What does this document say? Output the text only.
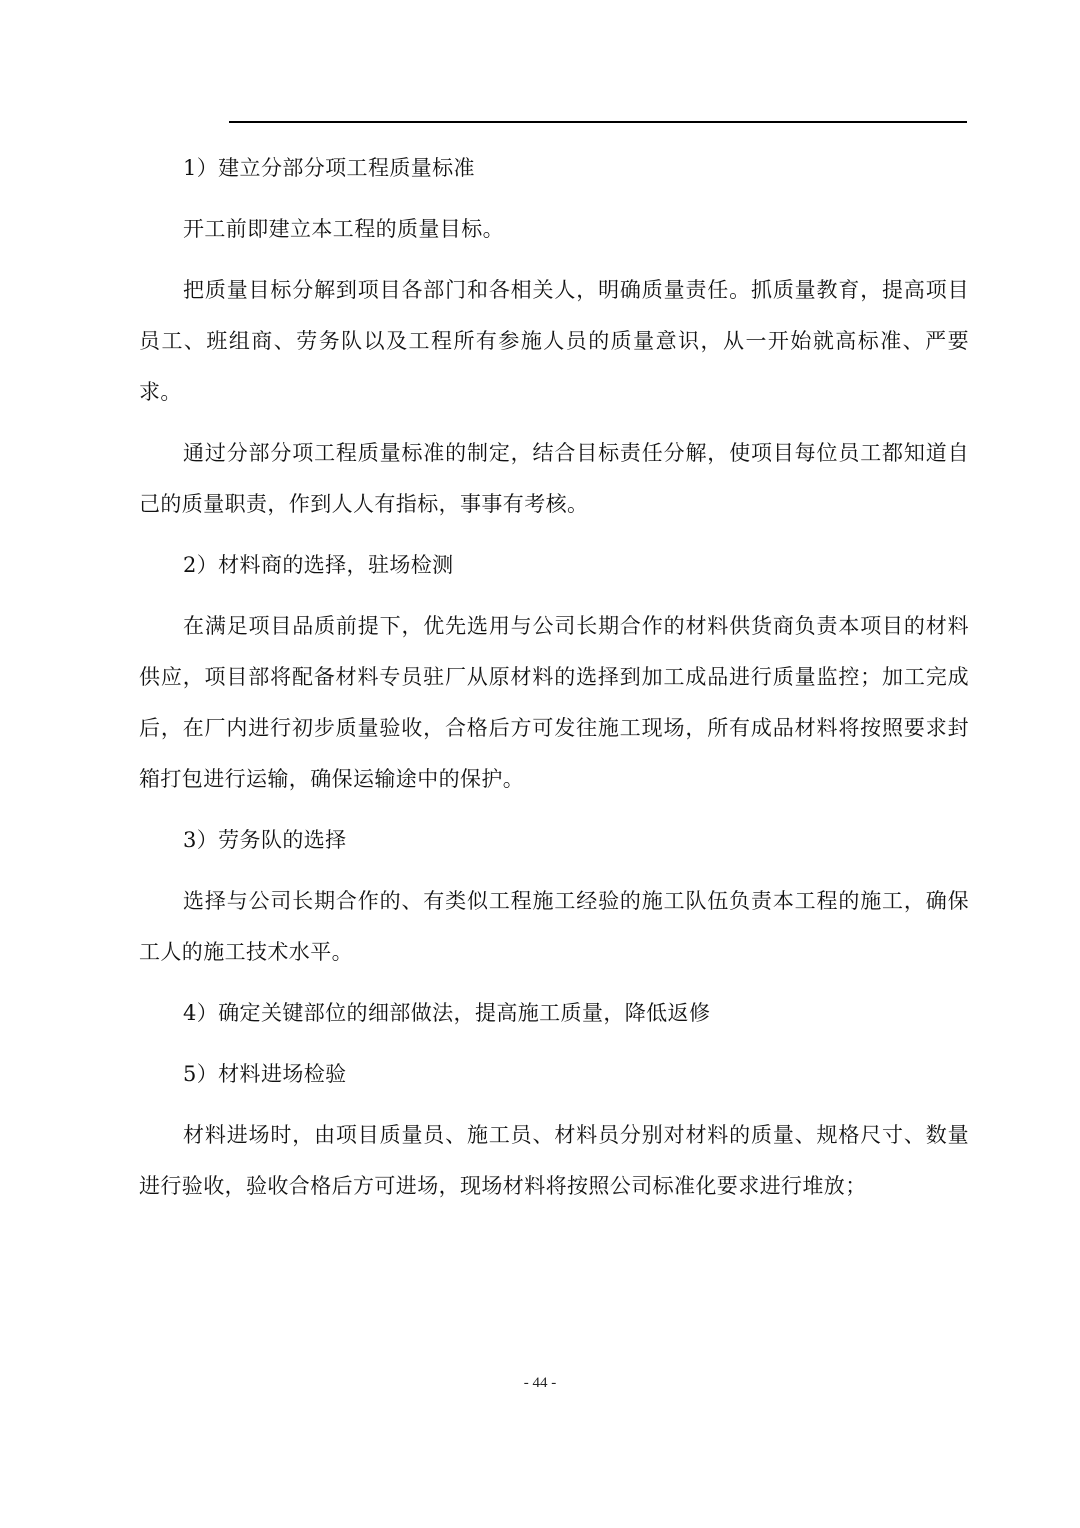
1）建立分部分项工程质量标准

开工前即建立本工程的质量目标。

把质量目标分解到项目各部门和各相关人，明确质量责任。抓质量教育，提高项目员工、班组商、劳务队以及工程所有参施人员的质量意识，从一开始就高标准、严要求。

通过分部分项工程质量标准的制定，结合目标责任分解，使项目每位员工都知道自己的质量职责，作到人人有指标，事事有考核。

2）材料商的选择，驻场检测

在满足项目品质前提下，优先选用与公司长期合作的材料供货商负责本项目的材料供应，项目部将配备材料专员驻厂从原材料的选择到加工成品进行质量监控；加工完成后，在厂内进行初步质量验收，合格后方可发往施工现场，所有成品材料将按照要求封箱打包进行运输，确保运输途中的保护。

3）劳务队的选择

选择与公司长期合作的、有类似工程施工经验的施工队伍负责本工程的施工，确保工人的施工技术水平。

4）确定关键部位的细部做法，提高施工质量，降低返修

5）材料进场检验

材料进场时，由项目质量员、施工员、材料员分别对材料的质量、规格尺寸、数量进行验收，验收合格后方可进场，现场材料将按照公司标准化要求进行堆放；

- 44 -
